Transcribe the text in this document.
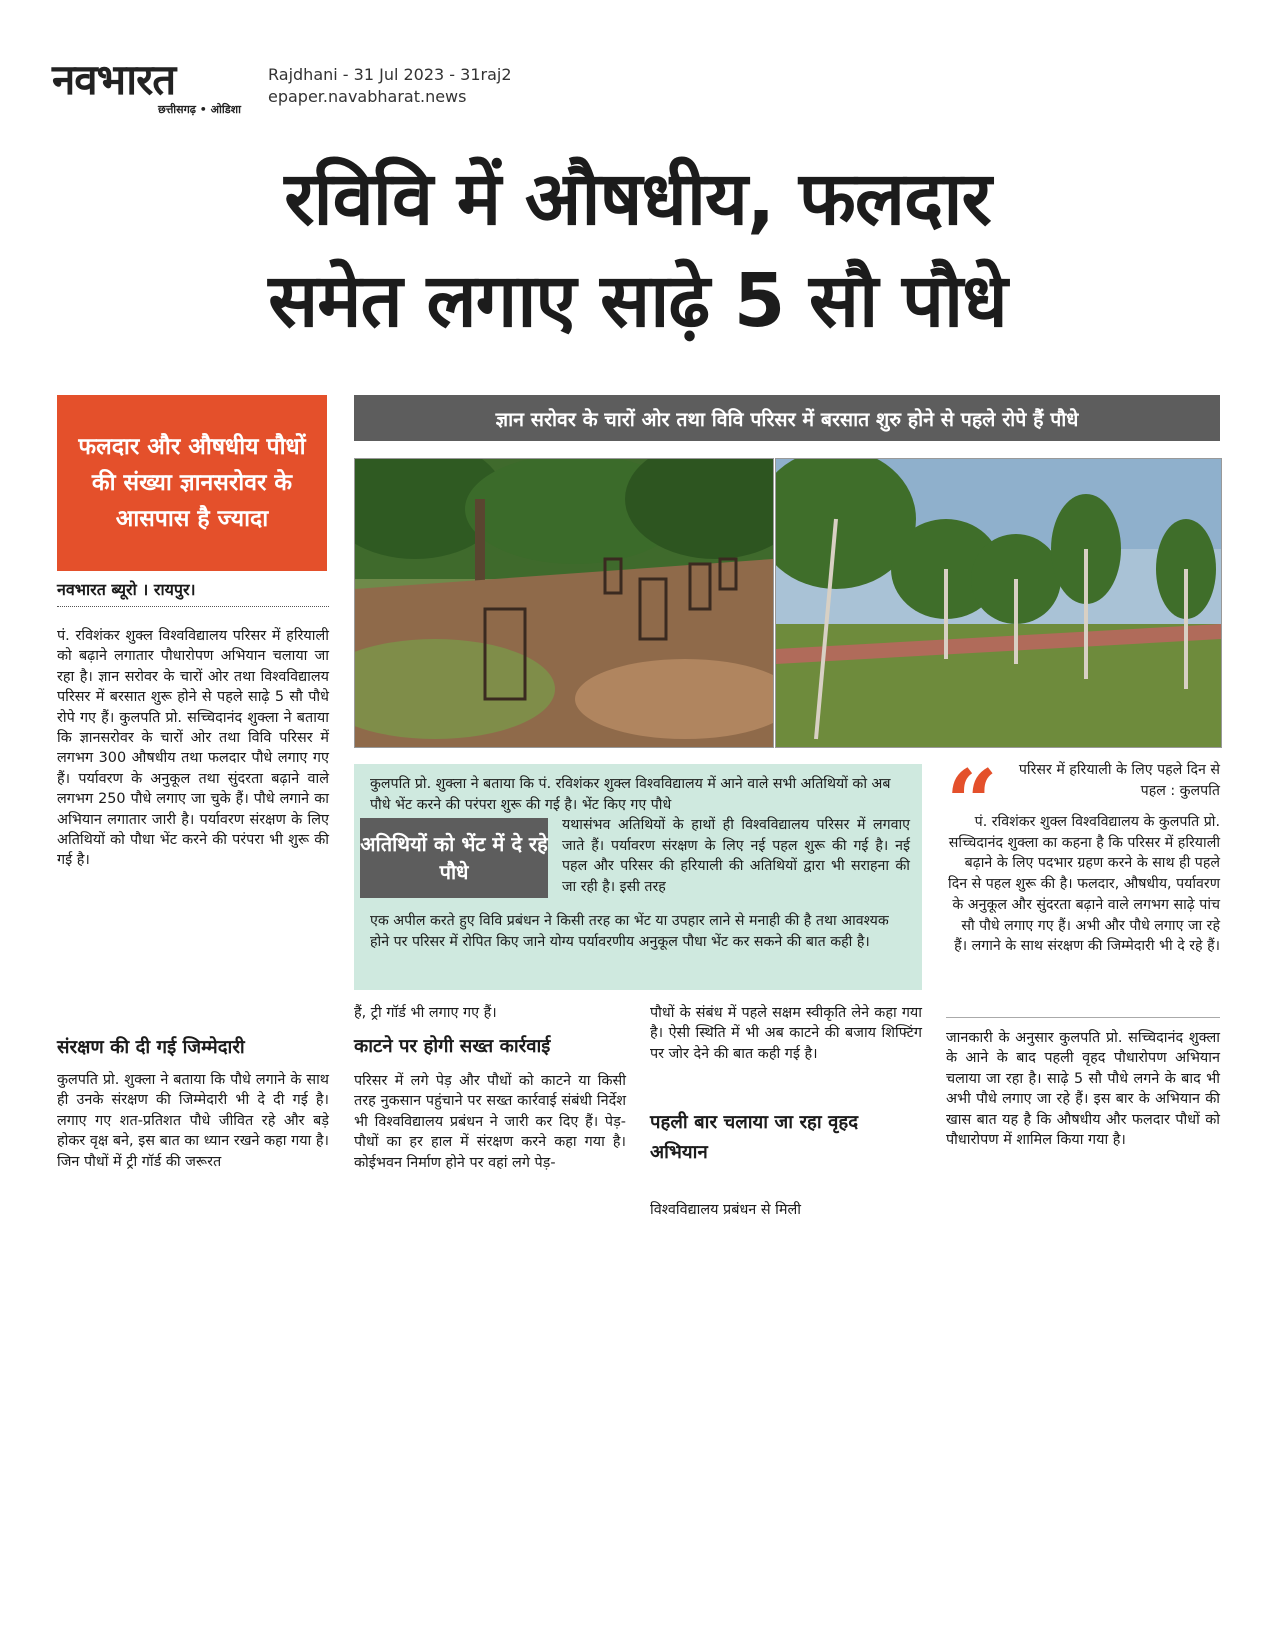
नवभारत
छत्तीसगढ़ • ओडिशा
Rajdhani - 31 Jul 2023 - 31raj2
epaper.navabharat.news
रविवि में औषधीय, फलदार
समेत लगाए साढ़े 5 सौ पौधे
फलदार और औषधीय पौधों की संख्या ज्ञानसरोवर के आसपास है ज्यादा
नवभारत ब्यूरो । रायपुर।
ज्ञान सरोवर के चारों ओर तथा विवि परिसर में बरसात शुरु होने से पहले रोपे हैं पौधे
पं. रविशंकर शुक्ल विश्वविद्यालय परिसर में हरियाली को बढ़ाने लगातार पौधारोपण अभियान चलाया जा रहा है। ज्ञान सरोवर के चारों ओर तथा विश्वविद्यालय परिसर में बरसात शुरू होने से पहले साढ़े 5 सौ पौधे रोपे गए हैं। कुलपति प्रो. सच्चिदानंद शुक्ला ने बताया कि ज्ञानसरोवर के चारों ओर तथा विवि परिसर में लगभग 300 औषधीय तथा फलदार पौधे लगाए गए हैं। पर्यावरण के अनुकूल तथा सुंदरता बढ़ाने वाले लगभग 250 पौधे लगाए जा चुके हैं। पौधे लगाने का अभियान लगातार जारी है। पर्यावरण संरक्षण के लिए अतिथियों को पौधा भेंट करने की परंपरा भी शुरू की गई है।
संरक्षण की दी गई जिम्मेदारी
कुलपति प्रो. शुक्ला ने बताया कि पौधे लगाने के साथ ही उनके संरक्षण की जिम्मेदारी भी दे दी गई है। लगाए गए शत-प्रतिशत पौधे जीवित रहे और बड़े होकर वृक्ष बने, इस बात का ध्यान रखने कहा गया है। जिन पौधों में ट्री गॉर्ड की जरूरत
कुलपति प्रो. शुक्ला ने बताया कि पं. रविशंकर शुक्ल विश्वविद्यालय में आने वाले सभी अतिथियों को अब पौधे भेंट करने की परंपरा शुरू की गई है। भेंट किए गए पौधे
अतिथियों को भेंट में दे रहे पौधे
यथासंभव अतिथियों के हाथों ही विश्वविद्यालय परिसर में लगवाए जाते हैं। पर्यावरण संरक्षण के लिए नई पहल शुरू की गई है। नई पहल और परिसर की हरियाली की अतिथियों द्वारा भी सराहना की जा रही है। इसी तरह
एक अपील करते हुए विवि प्रबंधन ने किसी तरह का भेंट या उपहार लाने से मनाही की है तथा आवश्यक होने पर परिसर में रोपित किए जाने योग्य पर्यावरणीय अनुकूल पौधा भेंट कर सकने की बात कही है।
हैं, ट्री गॉर्ड भी लगाए गए हैं।
काटने पर होगी सख्त कार्रवाई
परिसर में लगे पेड़ और पौधों को काटने या किसी तरह नुकसान पहुंचाने पर सख्त कार्रवाई संबंधी निर्देश भी विश्वविद्यालय प्रबंधन ने जारी कर दिए हैं। पेड़-पौधों का हर हाल में संरक्षण करने कहा गया है। कोईभवन निर्माण होने पर वहां लगे पेड़-
पौधों के संबंध में पहले सक्षम स्वीकृति लेने कहा गया है। ऐसी स्थिति में भी अब काटने की बजाय शिफ्टिंग पर जोर देने की बात कही गई है।
पहली बार चलाया जा रहा वृहद अभियान
विश्वविद्यालय प्रबंधन से मिली
“	परिसर में हरियाली के लिए पहले दिन से पहल : कुलपति
पं. रविशंकर शुक्ल विश्वविद्यालय के कुलपति प्रो. सच्चिदानंद शुक्ला का कहना है कि परिसर में हरियाली बढ़ाने के लिए पदभार ग्रहण करने के साथ ही पहले दिन से पहल शुरू की है। फलदार, औषधीय, पर्यावरण के अनुकूल और सुंदरता बढ़ाने वाले लगभग साढ़े पांच सौ पौधे लगाए गए हैं। अभी और पौधे लगाए जा रहे हैं। लगाने के साथ संरक्षण की जिम्मेदारी भी दे रहे हैं।
जानकारी के अनुसार कुलपति प्रो. सच्चिदानंद शुक्ला के आने के बाद पहली वृहद पौधारोपण अभियान चलाया जा रहा है। साढ़े 5 सौ पौधे लगने के बाद भी अभी पौधे लगाए जा रहे हैं। इस बार के अभियान की खास बात यह है कि औषधीय और फलदार पौधों को पौधारोपण में शामिल किया गया है।
